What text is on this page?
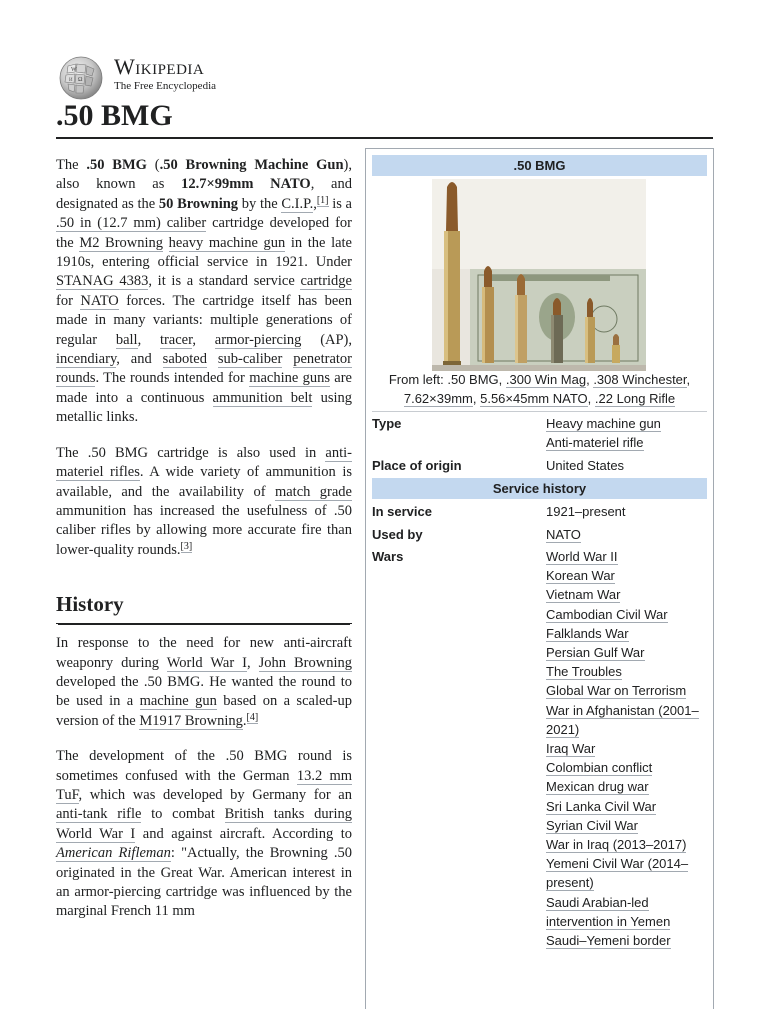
W
Ω
И
Wikipedia
The Free Encyclopedia
.50 BMG

The .50 BMG (.50 Browning Machine Gun), also known as 12.7×99mm NATO, and designated as the 50 Browning by the C.I.P.,[1] is a .50 in (12.7 mm) caliber cartridge developed for the M2 Browning heavy machine gun in the late 1910s, entering official service in 1921. Under STANAG 4383, it is a standard service cartridge for NATO forces. The cartridge itself has been made in many variants: multiple generations of regular ball, tracer, armor-piercing (AP), incendiary, and saboted sub-caliber penetrator rounds. The rounds intended for machine guns are made into a continuous ammunition belt using metallic links.

The .50 BMG cartridge is also used in anti-materiel rifles. A wide variety of ammunition is available, and the availability of match grade ammunition has increased the usefulness of .50 caliber rifles by allowing more accurate fire than lower-quality rounds.[3]

History

In response to the need for new anti-aircraft weaponry during World War I, John Browning developed the .50 BMG. He wanted the round to be used in a machine gun based on a scaled-up version of the M1917 Browning.[4]

The development of the .50 BMG round is sometimes confused with the German 13.2 mm TuF, which was developed by Germany for an anti-tank rifle to combat British tanks during World War I and against aircraft. According to American Rifleman: "Actually, the Browning .50 originated in the Great War. American interest in an armor-piercing cartridge was influenced by the marginal French 11 mm

.50 BMG
From left: .50 BMG, .300 Win Mag, .308 Winchester, 7.62×39mm, 5.56×45mm NATO, .22 Long Rifle
Type	Heavy machine gun
Anti-materiel rifle
Place of origin	United States
Service history
In service	1921–present
Used by	NATO
Wars	World War II
Korean War
Vietnam War
Cambodian Civil War
Falklands War
Persian Gulf War
The Troubles
Global War on Terrorism
War in Afghanistan (2001–2021)
Iraq War
Colombian conflict
Mexican drug war
Sri Lanka Civil War
Syrian Civil War
War in Iraq (2013–2017)
Yemeni Civil War (2014–present)
Saudi Arabian-led intervention in Yemen
Saudi–Yemeni border
